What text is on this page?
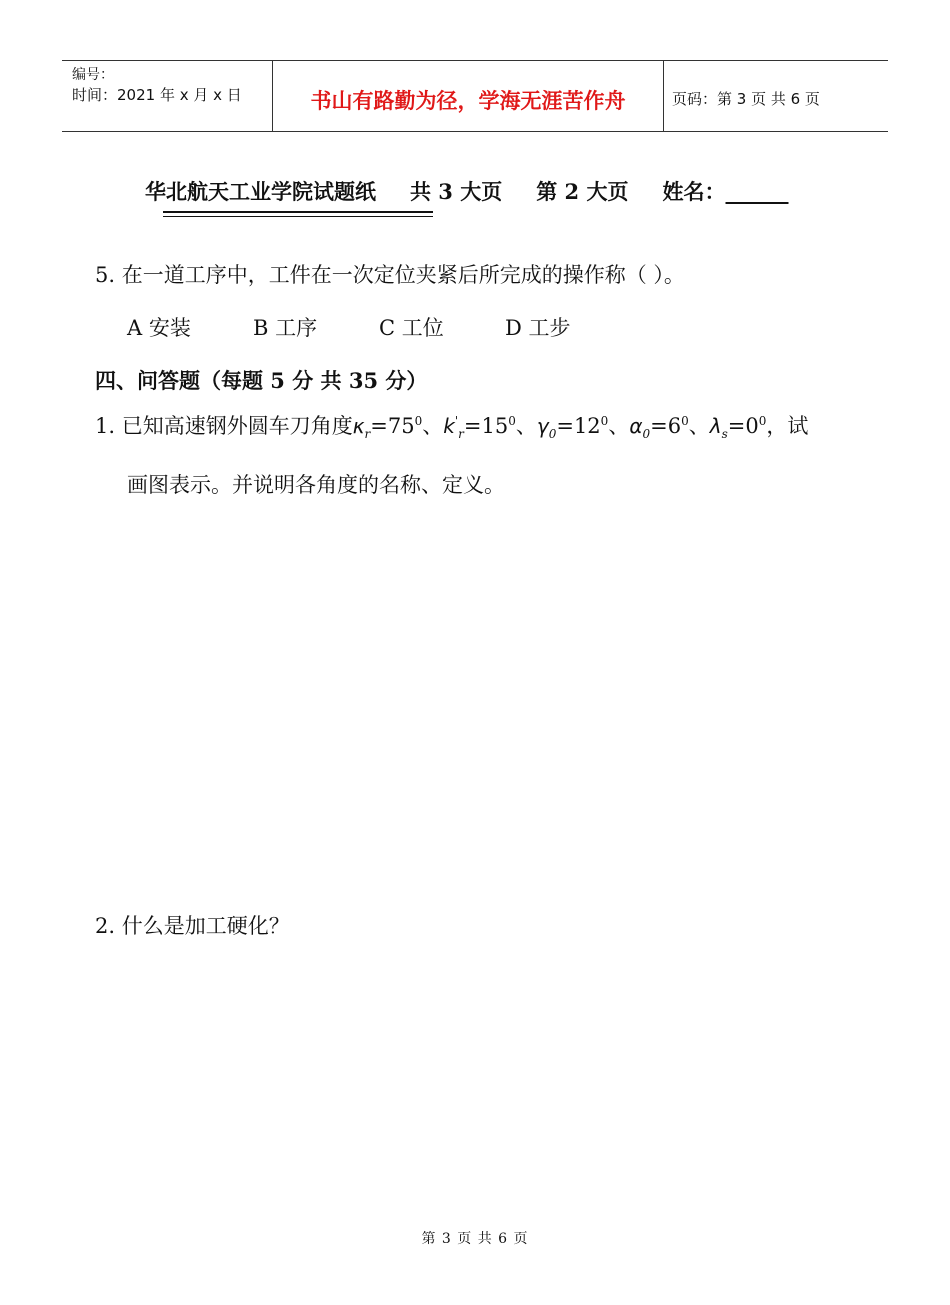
编号：
时间：2021 年 x 月 x 日	书山有路勤为径，学海无涯苦作舟	页码：第 3 页 共 6 页
华北航天工业学院试题纸 共 3 大页 第 2 大页 姓名：______
5. 在一道工序中，工件在一次定位夹紧后所完成的操作称（ ）。
A 安装	B 工序	C 工位	D 工步
四、问答题（每题 5 分 共 35 分）
1. 已知高速钢外圆车刀角度$\kappa_r=75^0$、$k'_r=15^0$、$\gamma_0=12^0$、$\alpha_0=6^0$、$\lambda_s=0^0$，试
画图表示。并说明各角度的名称、定义。
2. 什么是加工硬化？
第 3 页 共 6 页
